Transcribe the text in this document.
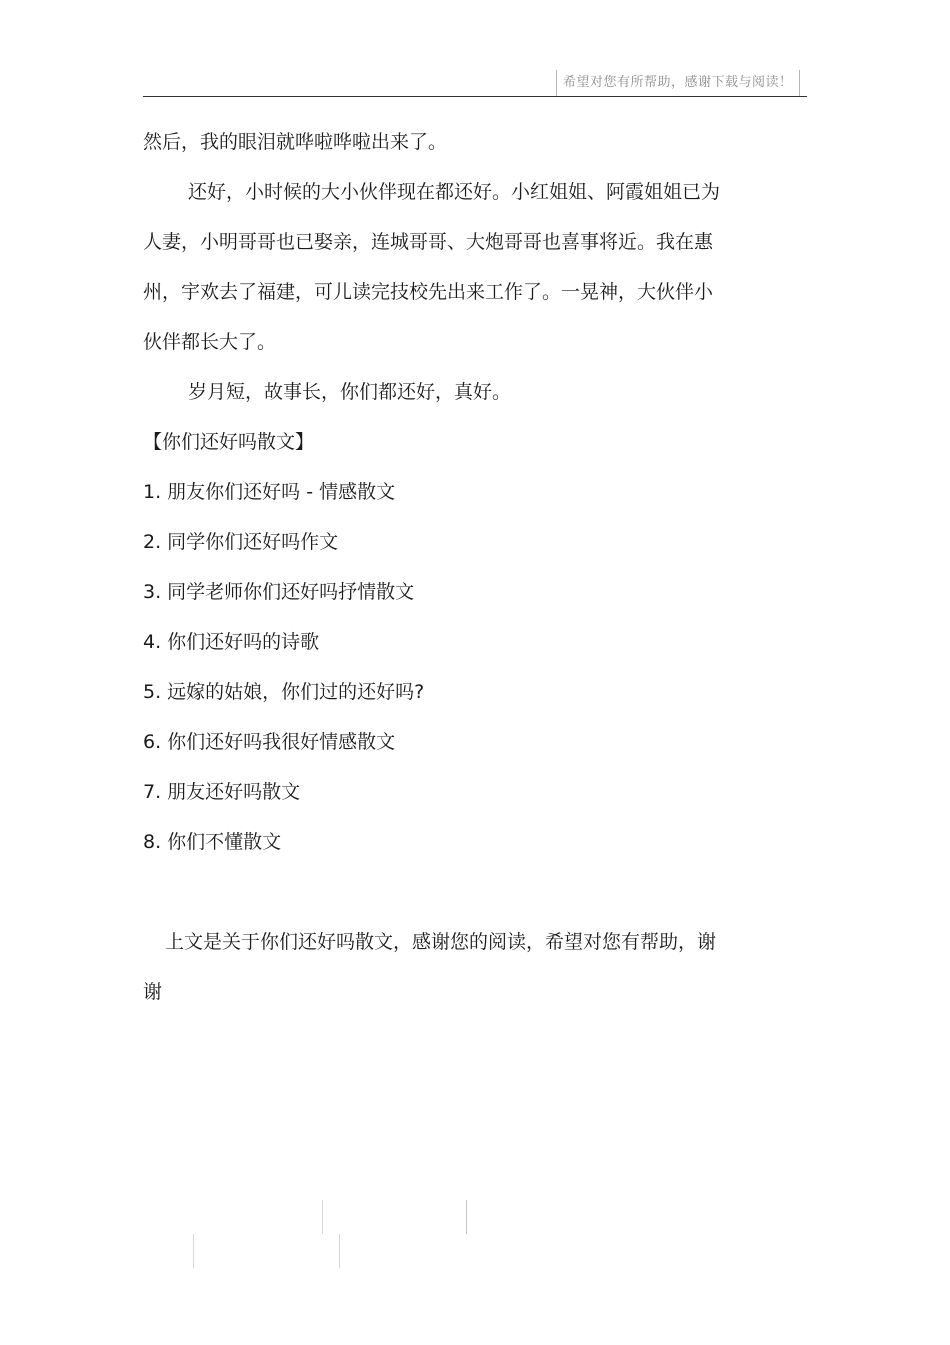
希望对您有所帮助，感谢下载与阅读！
然后，我的眼泪就哗啦哗啦出来了。
还好，小时候的大小伙伴现在都还好。小红姐姐、阿霞姐姐已为
人妻，小明哥哥也已娶亲，连城哥哥、大炮哥哥也喜事将近。我在惠
州，宇欢去了福建，可儿读完技校先出来工作了。一晃神，大伙伴小
伙伴都长大了。
岁月短，故事长，你们都还好，真好。
【你们还好吗散文】
1. 朋友你们还好吗 - 情感散文
2. 同学你们还好吗作文
3. 同学老师你们还好吗抒情散文
4. 你们还好吗的诗歌
5. 远嫁的姑娘，你们过的还好吗?
6. 你们还好吗我很好情感散文
7. 朋友还好吗散文
8. 你们不懂散文
上文是关于你们还好吗散文，感谢您的阅读，希望对您有帮助，谢
谢
